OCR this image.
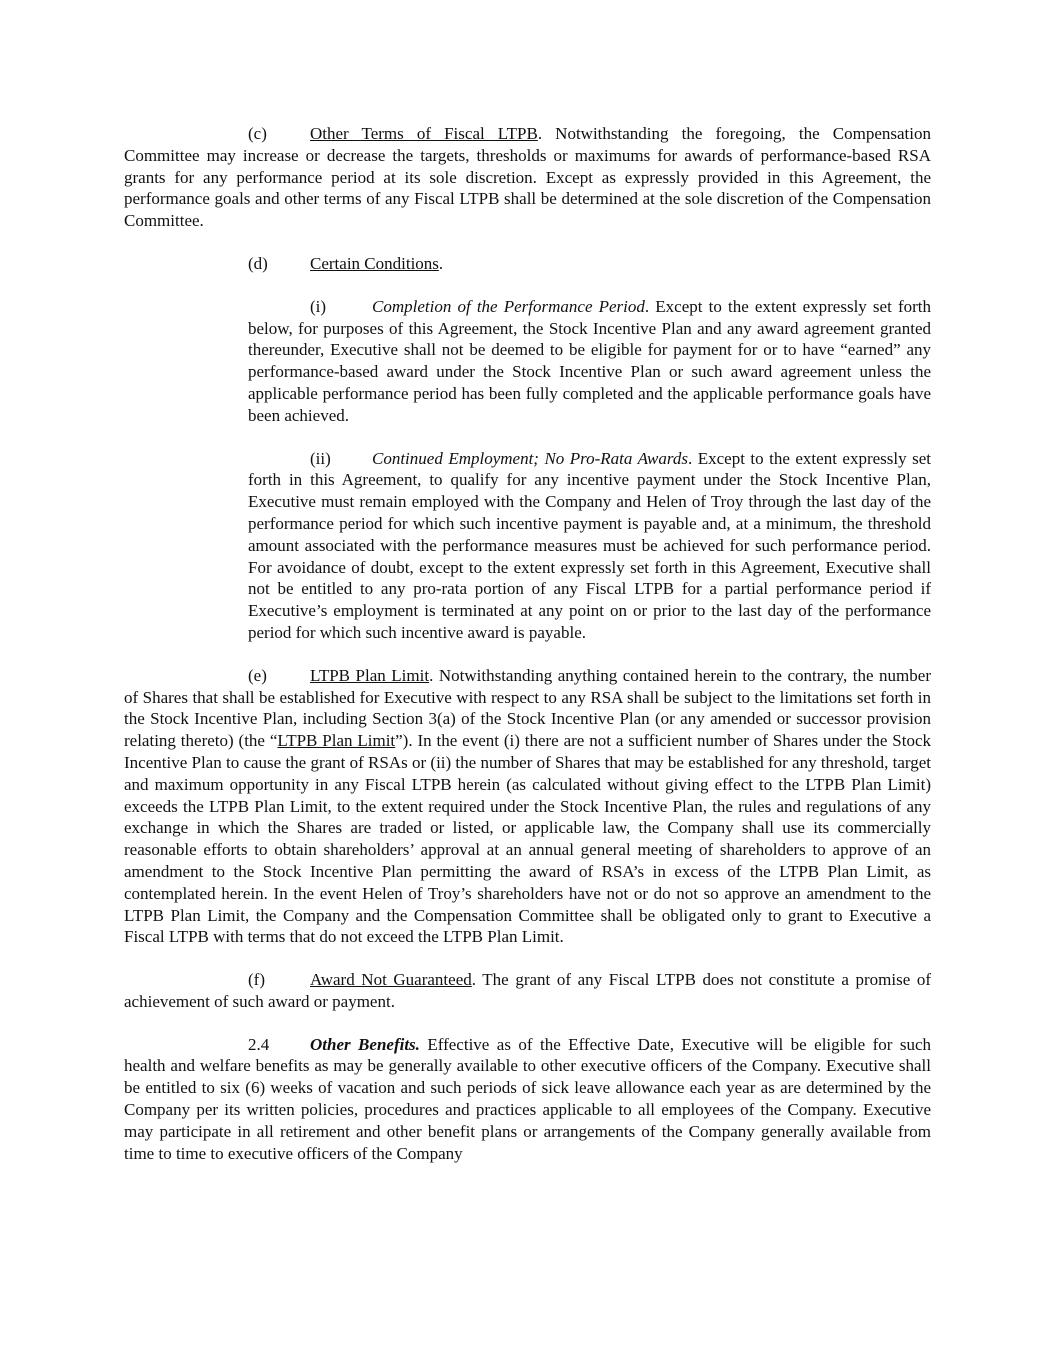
(c)	Other Terms of Fiscal LTPB. Notwithstanding the foregoing, the Compensation Committee may increase or decrease the targets, thresholds or maximums for awards of performance-based RSA grants for any performance period at its sole discretion. Except as expressly provided in this Agreement, the performance goals and other terms of any Fiscal LTPB shall be determined at the sole discretion of the Compensation Committee.

(d) Certain Conditions.

(i)	Completion of the Performance Period. Except to the extent expressly set forth below, for purposes of this Agreement, the Stock Incentive Plan and any award agreement granted thereunder, Executive shall not be deemed to be eligible for payment for or to have “earned” any performance-based award under the Stock Incentive Plan or such award agreement unless the applicable performance period has been fully completed and the applicable performance goals have been achieved.

(ii) Continued Employment; No Pro-Rata Awards. Except to the extent expressly set forth in this Agreement, to qualify for any incentive payment under the Stock Incentive Plan, Executive must remain employed with the Company and Helen of Troy through the last day of the performance period for which such incentive payment is payable and, at a minimum, the threshold amount associated with the performance measures must be achieved for such performance period. For avoidance of doubt, except to the extent expressly set forth in this Agreement, Executive shall not be entitled to any pro-rata portion of any Fiscal LTPB for a partial performance period if Executive’s employment is terminated at any point on or prior to the last day of the performance period for which such incentive award is payable.

(e)	LTPB Plan Limit. Notwithstanding anything contained herein to the contrary, the number of Shares that shall be established for Executive with respect to any RSA shall be subject to the limitations set forth in the Stock Incentive Plan, including Section 3(a) of the Stock Incentive Plan (or any amended or successor provision relating thereto) (the “LTPB Plan Limit”). In the event (i) there are not a sufficient number of Shares under the Stock Incentive Plan to cause the grant of RSAs or (ii) the number of Shares that may be established for any threshold, target and maximum opportunity in any Fiscal LTPB herein (as calculated without giving effect to the LTPB Plan Limit) exceeds the LTPB Plan Limit, to the extent required under the Stock Incentive Plan, the rules and regulations of any exchange in which the Shares are traded or listed, or applicable law, the Company shall use its commercially reasonable efforts to obtain shareholders’ approval at an annual general meeting of shareholders to approve of an amendment to the Stock Incentive Plan permitting the award of RSA’s in excess of the LTPB Plan Limit, as contemplated herein. In the event Helen of Troy’s shareholders have not or do not so approve an amendment to the LTPB Plan Limit, the Company and the Compensation Committee shall be obligated only to grant to Executive a Fiscal LTPB with terms that do not exceed the LTPB Plan Limit.

(f)	Award Not Guaranteed. The grant of any Fiscal LTPB does not constitute a promise of achievement of such award or payment.

2.4 Other Benefits. Effective as of the Effective Date, Executive will be eligible for such health and welfare benefits as may be generally available to other executive officers of the Company. Executive shall be entitled to six (6) weeks of vacation and such periods of sick leave allowance each year as are determined by the Company per its written policies, procedures and practices applicable to all employees of the Company. Executive may participate in all retirement and other benefit plans or arrangements of the Company generally available from time to time to executive officers of the Company
